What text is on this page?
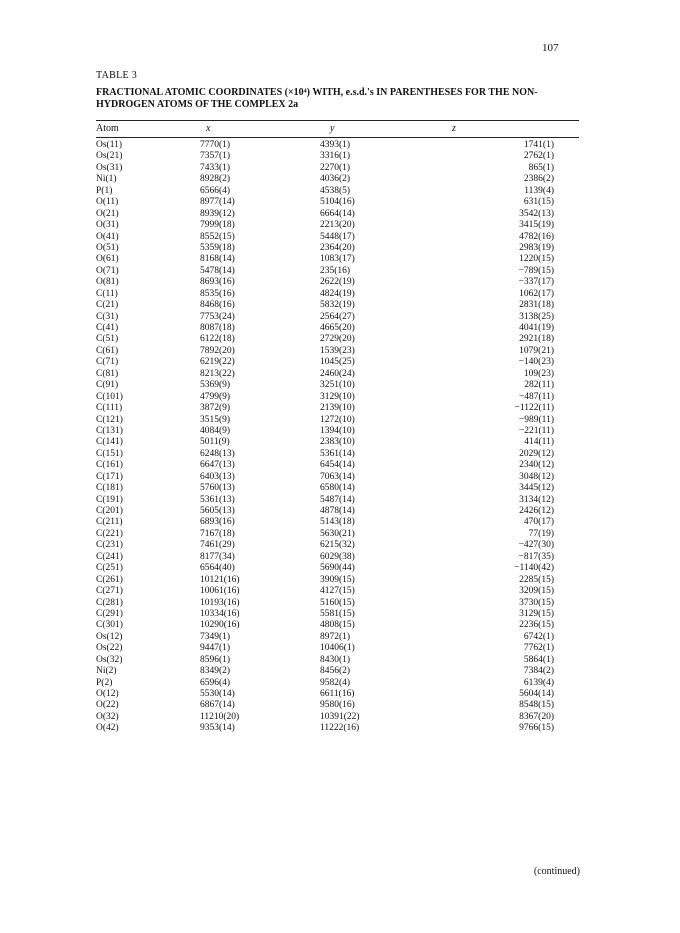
107
TABLE 3
FRACTIONAL ATOMIC COORDINATES (×10⁴) WITH, e.s.d.'s IN PARENTHESES FOR THE NON-HYDROGEN ATOMS OF THE COMPLEX 2a
Atom	x	y	z
Os(11)	7770(1)	4393(1)	1741(1)
Os(21)	7357(1)	3316(1)	2762(1)
Os(31)	7433(1)	2270(1)	865(1)
Ni(1)	8928(2)	4036(2)	2386(2)
P(1)	6566(4)	4538(5)	1139(4)
O(11)	8977(14)	5104(16)	631(15)
O(21)	8939(12)	6664(14)	3542(13)
O(31)	7999(18)	2213(20)	3415(19)
O(41)	8552(15)	5448(17)	4782(16)
O(51)	5359(18)	2364(20)	2983(19)
O(61)	8168(14)	1083(17)	1220(15)
O(71)	5478(14)	235(16)	−789(15)
O(81)	8693(16)	2622(19)	−337(17)
C(11)	8535(16)	4824(19)	1062(17)
C(21)	8468(16)	5832(19)	2831(18)
C(31)	7753(24)	2564(27)	3138(25)
C(41)	8087(18)	4665(20)	4041(19)
C(51)	6122(18)	2729(20)	2921(18)
C(61)	7892(20)	1539(23)	1079(21)
C(71)	6219(22)	1045(25)	−140(23)
C(81)	8213(22)	2460(24)	109(23)
C(91)	5369(9)	3251(10)	282(11)
C(101)	4799(9)	3129(10)	−487(11)
C(111)	3872(9)	2139(10)	−1122(11)
C(121)	3515(9)	1272(10)	−989(11)
C(131)	4084(9)	1394(10)	−221(11)
C(141)	5011(9)	2383(10)	414(11)
C(151)	6248(13)	5361(14)	2029(12)
C(161)	6647(13)	6454(14)	2340(12)
C(171)	6403(13)	7063(14)	3048(12)
C(181)	5760(13)	6580(14)	3445(12)
C(191)	5361(13)	5487(14)	3134(12)
C(201)	5605(13)	4878(14)	2426(12)
C(211)	6893(16)	5143(18)	470(17)
C(221)	7167(18)	5630(21)	77(19)
C(231)	7461(29)	6215(32)	−427(30)
C(241)	8177(34)	6029(38)	−817(35)
C(251)	6564(40)	5690(44)	−1140(42)
C(261)	10121(16)	3909(15)	2285(15)
C(271)	10061(16)	4127(15)	3209(15)
C(281)	10193(16)	5160(15)	3730(15)
C(291)	10334(16)	5581(15)	3129(15)
C(301)	10290(16)	4808(15)	2236(15)
Os(12)	7349(1)	8972(1)	6742(1)
Os(22)	9447(1)	10406(1)	7762(1)
Os(32)	8596(1)	8430(1)	5864(1)
Ni(2)	8349(2)	8456(2)	7384(2)
P(2)	6596(4)	9582(4)	6139(4)
O(12)	5530(14)	6611(16)	5604(14)
O(22)	6867(14)	9580(16)	8548(15)
O(32)	11210(20)	10391(22)	8367(20)
O(42)	9353(14)	11222(16)	9766(15)
(continued)
